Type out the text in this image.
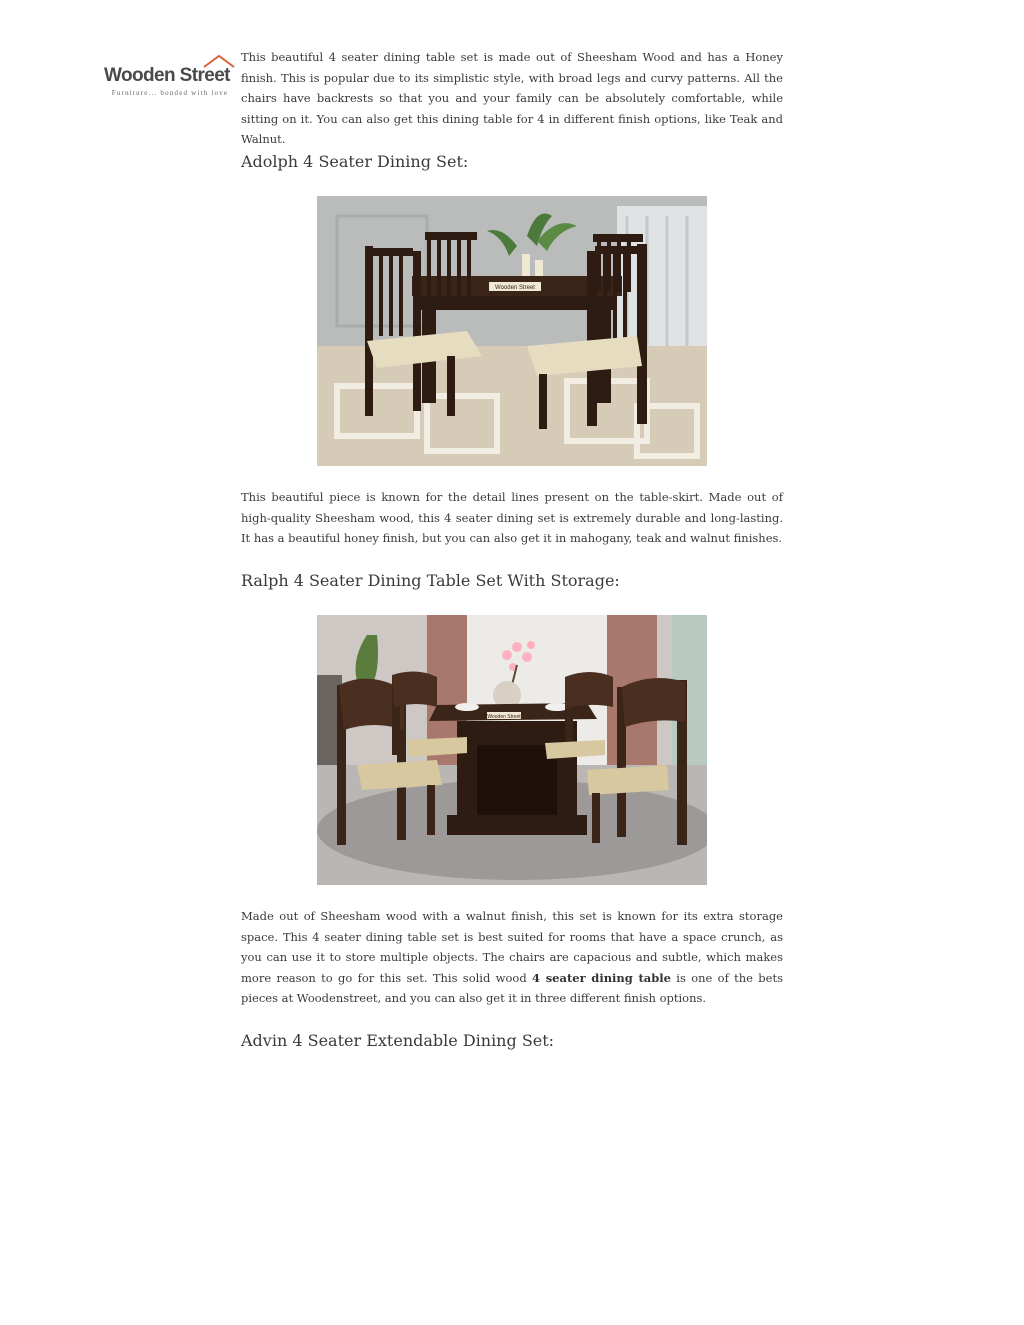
Wooden Street
Furniture... bonded with love

This beautiful 4 seater dining table set is made out of Sheesham Wood and has a Honey finish. This is popular due to its simplistic style, with broad legs and curvy patterns. All the chairs have backrests so that you and your family can be absolutely comfortable, while sitting on it. You can also get this dining table for 4 in different finish options, like Teak and Walnut.

Adolph 4 Seater Dining Set:
Wooden Street

This beautiful piece is known for the detail lines present on the table-skirt. Made out of high-quality Sheesham wood, this 4 seater dining set is extremely durable and long-lasting. It has a beautiful honey finish, but you can also get it in mahogany, teak and walnut finishes.

Ralph 4 Seater Dining Table Set With Storage:
Wooden Street

Made out of Sheesham wood with a walnut finish, this set is known for its extra storage space. This 4 seater dining table set is best suited for rooms that have a space crunch, as you can use it to store multiple objects. The chairs are capacious and subtle, which makes more reason to go for this set. This solid wood 4 seater dining table is one of the bets pieces at Woodenstreet, and you can also get it in three different finish options.

Advin 4 Seater Extendable Dining Set:
